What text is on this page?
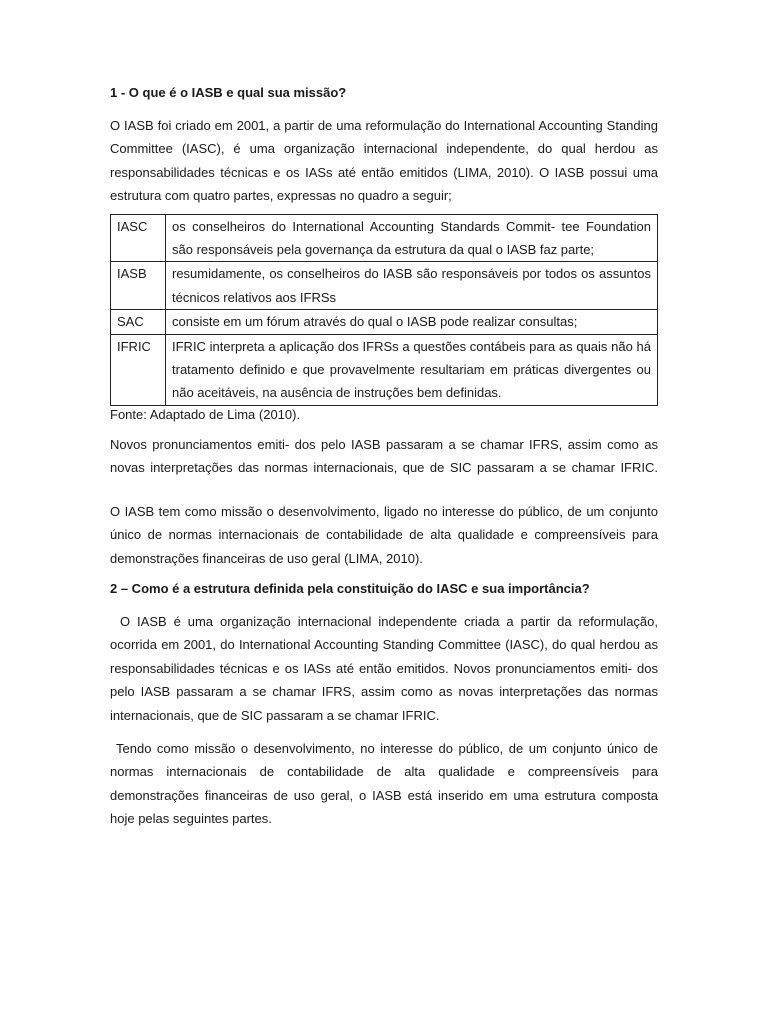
1 - O que é o IASB e qual sua missão?

O IASB foi criado em 2001, a partir de uma reformulação do International Accounting Standing Committee (IASC), é uma organização internacional independente, do qual herdou as responsabilidades técnicas e os IASs até então emitidos (LIMA, 2010). O IASB possui uma estrutura com quatro partes, expressas no quadro a seguir;

IASC	os conselheiros do International Accounting Standards Commit- tee Foundation são responsáveis pela governança da estrutura da qual o IASB faz parte;
IASB	resumidamente, os conselheiros do IASB são responsáveis por todos os assuntos técnicos relativos aos IFRSs
SAC	consiste em um fórum através do qual o IASB pode realizar consultas;
IFRIC	IFRIC interpreta a aplicação dos IFRSs a questões contábeis para as quais não há tratamento definido e que provavelmente resultariam em práticas divergentes ou não aceitáveis, na ausência de instruções bem definidas.
Fonte: Adaptado de Lima (2010).

Novos pronunciamentos emiti- dos pelo IASB passaram a se chamar IFRS, assim como as novas interpretações das normas internacionais, que de SIC passaram a se chamar IFRIC.

O IASB tem como missão o desenvolvimento, ligado no interesse do público, de um conjunto único de normas internacionais de contabilidade de alta qualidade e compreensíveis para demonstrações financeiras de uso geral (LIMA, 2010).

2 – Como é a estrutura definida pela constituição do IASC e sua importância?

O IASB é uma organização internacional independente criada a partir da reformulação, ocorrida em 2001, do International Accounting Standing Committee (IASC), do qual herdou as responsabilidades técnicas e os IASs até então emitidos. Novos pronunciamentos emiti- dos pelo IASB passaram a se chamar IFRS, assim como as novas interpretações das normas internacionais, que de SIC passaram a se chamar IFRIC.

Tendo como missão o desenvolvimento, no interesse do público, de um conjunto único de normas internacionais de contabilidade de alta qualidade e compreensíveis para demonstrações financeiras de uso geral, o IASB está inserido em uma estrutura composta hoje pelas seguintes partes.
